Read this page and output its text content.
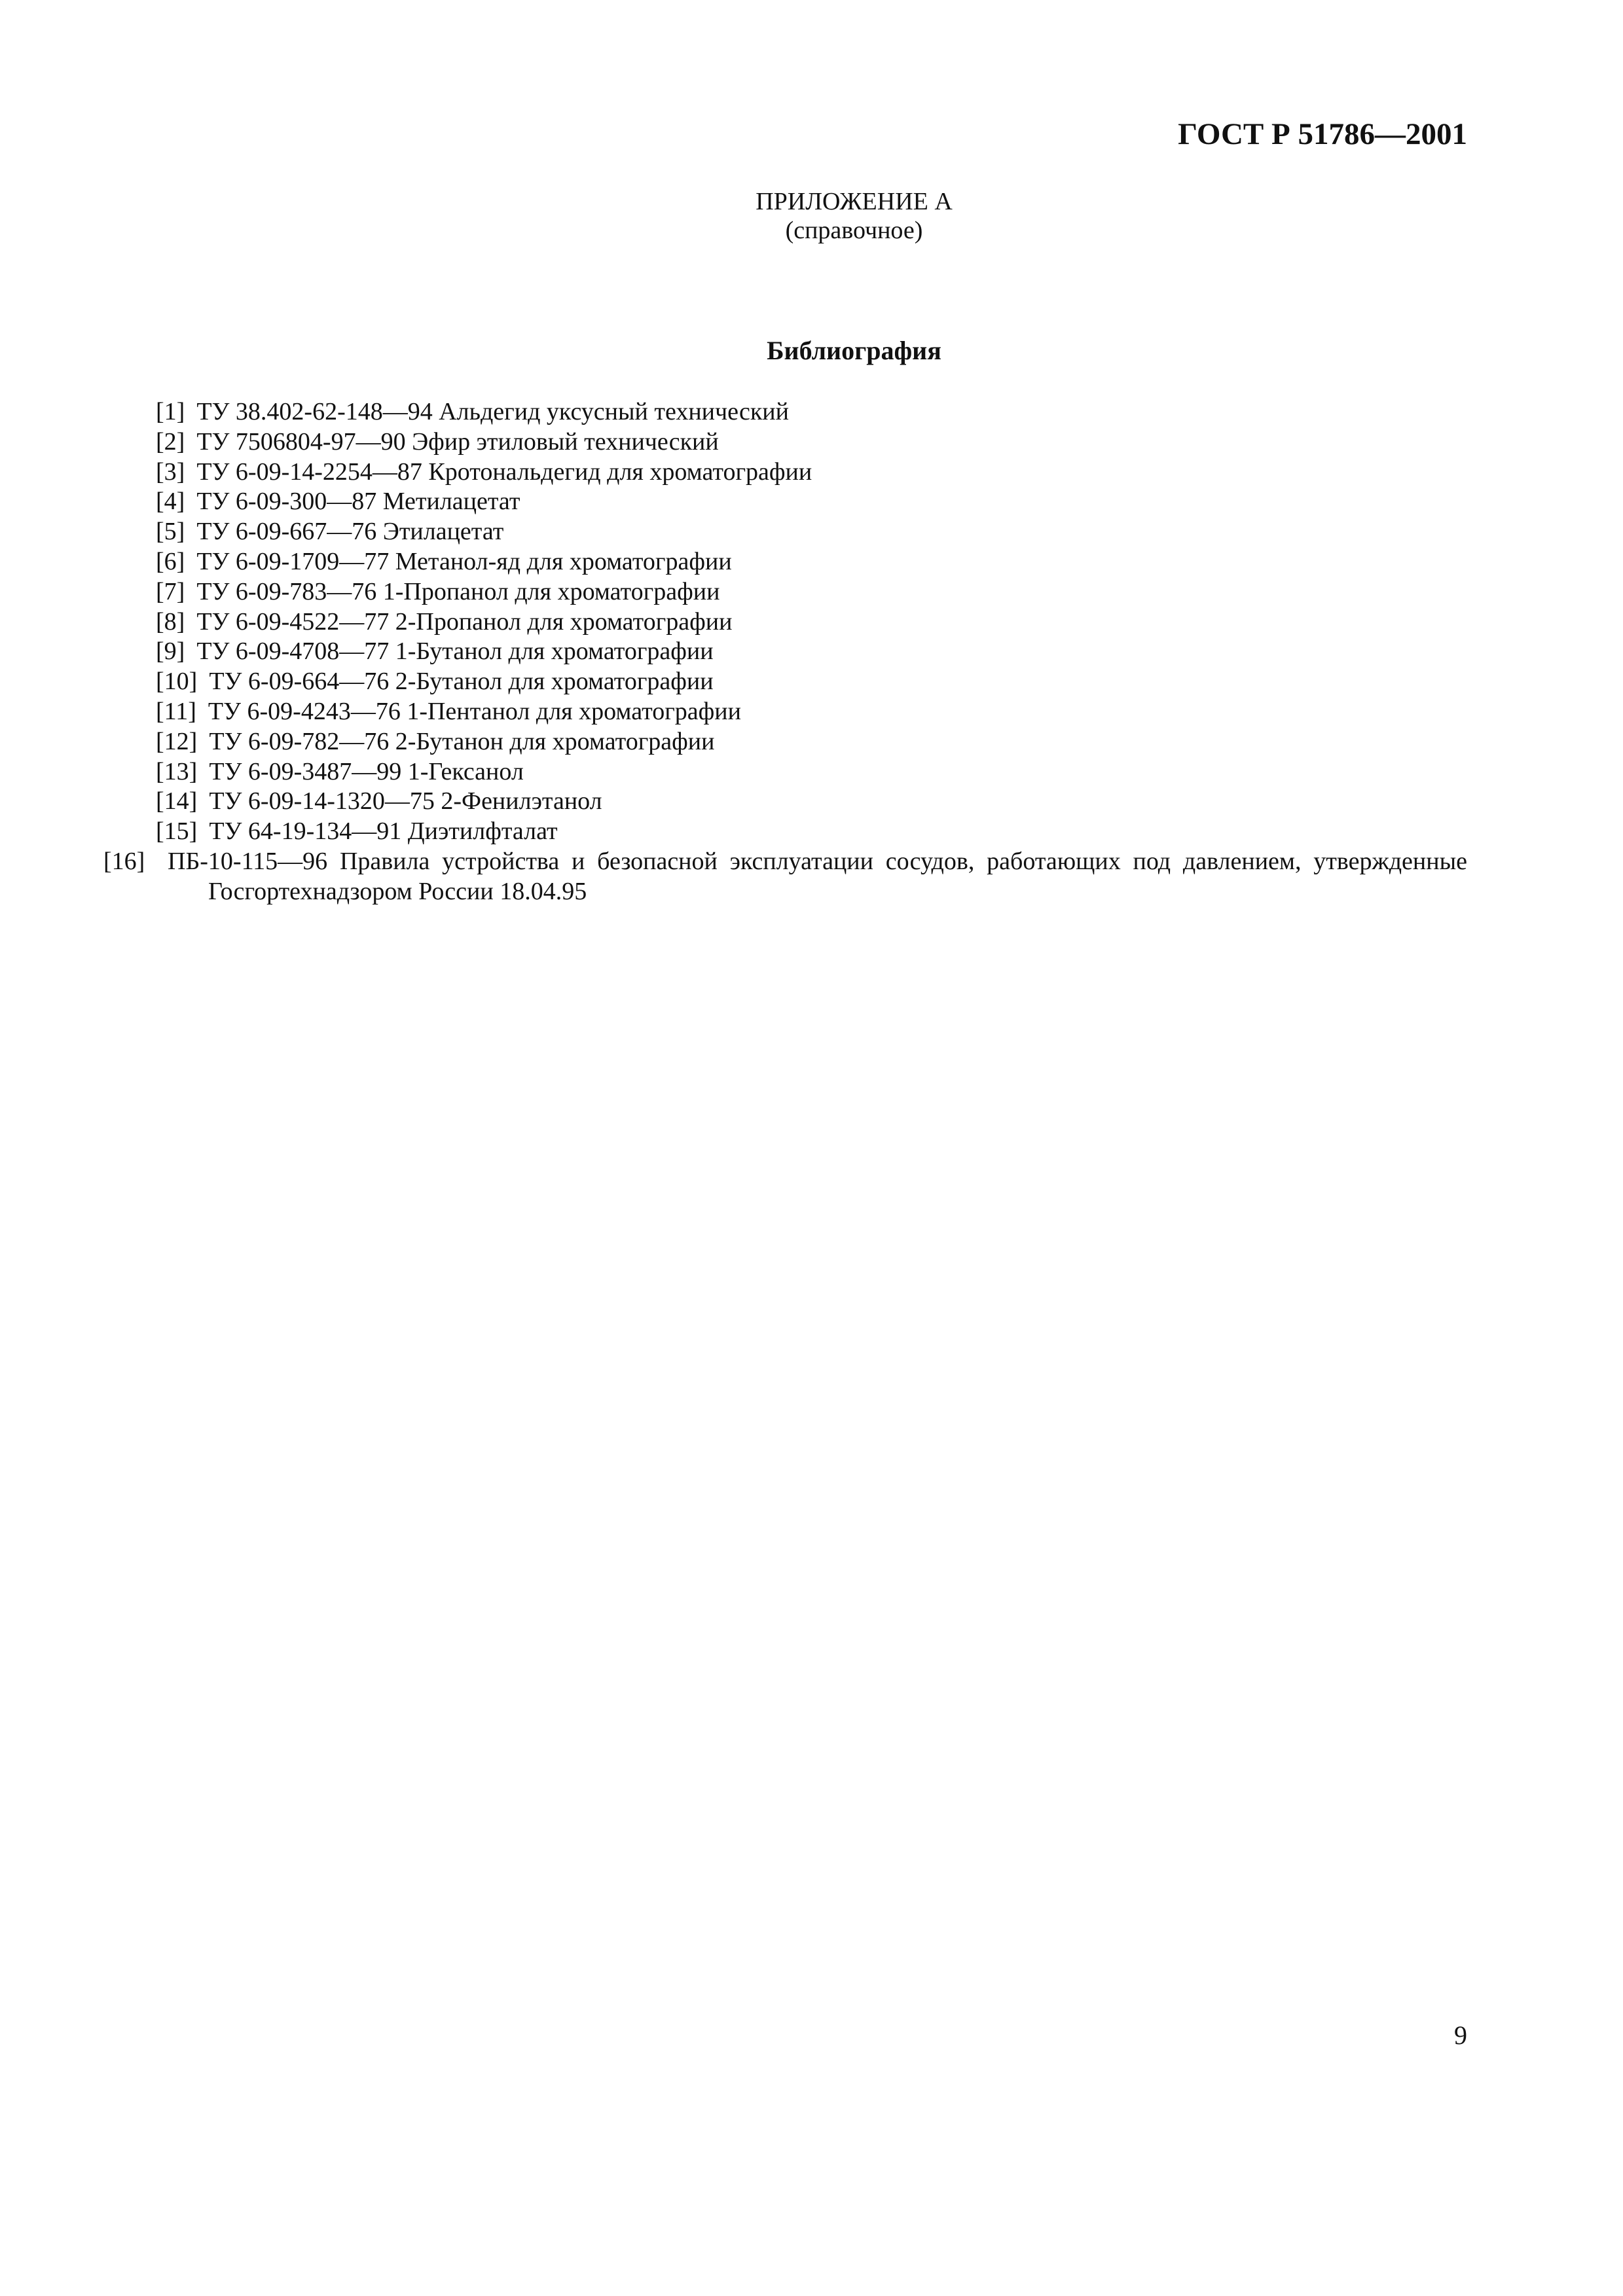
ГОСТ Р 51786—2001
ПРИЛОЖЕНИЕ А
(справочное)
Библиография
[1] ТУ 38.402-62-148—94 Альдегид уксусный технический
[2] ТУ 7506804-97—90 Эфир этиловый технический
[3] ТУ 6-09-14-2254—87 Кротональдегид для хроматографии
[4] ТУ 6-09-300—87 Метилацетат
[5] ТУ 6-09-667—76 Этилацетат
[6] ТУ 6-09-1709—77 Метанол-яд для хроматографии
[7] ТУ 6-09-783—76 1-Пропанол для хроматографии
[8] ТУ 6-09-4522—77 2-Пропанол для хроматографии
[9] ТУ 6-09-4708—77 1-Бутанол для хроматографии
[10] ТУ 6-09-664—76 2-Бутанол для хроматографии
[11] ТУ 6-09-4243—76 1-Пентанол для хроматографии
[12] ТУ 6-09-782—76 2-Бутанон для хроматографии
[13] ТУ 6-09-3487—99 1-Гексанол
[14] ТУ 6-09-14-1320—75 2-Фенилэтанол
[15] ТУ 64-19-134—91 Диэтилфталат
[16] ПБ-10-115—96 Правила устройства и безопасной эксплуатации сосудов, работающих под давлением, утвержденные Госгортехнадзором России 18.04.95
9
